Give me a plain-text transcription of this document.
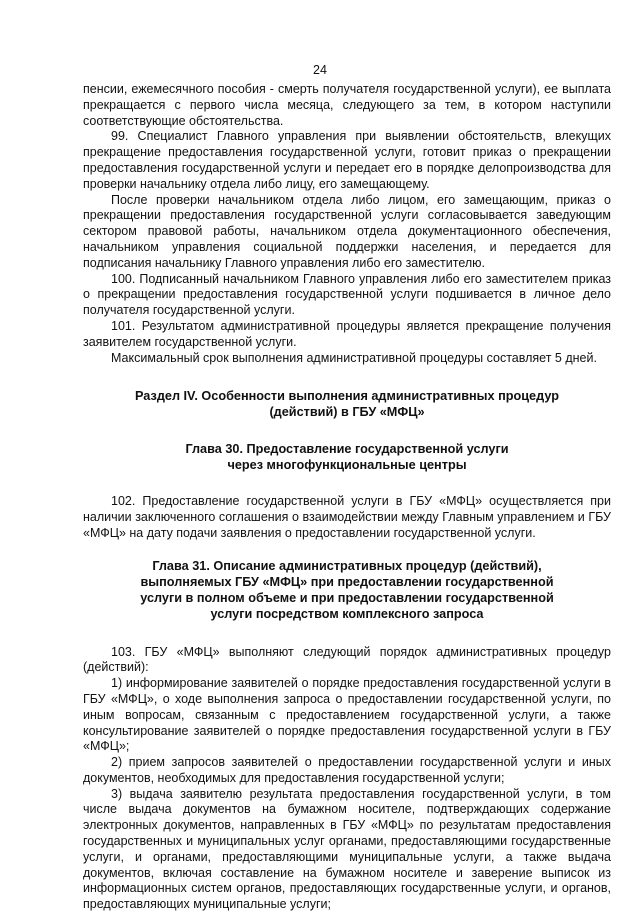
24

пенсии, ежемесячного пособия - смерть получателя государственной услуги), ее выплата прекращается с первого числа месяца, следующего за тем, в котором наступили соответствующие обстоятельства.

99. Специалист Главного управления при выявлении обстоятельств, влекущих прекращение предоставления государственной услуги, готовит приказ о прекращении предоставления государственной услуги и передает его в порядке делопроизводства для проверки начальнику отдела либо лицу, его замещающему.

После проверки начальником отдела либо лицом, его замещающим, приказ о прекращении предоставления государственной услуги согласовывается заведующим сектором правовой работы, начальником отдела документационного обеспечения, начальником управления социальной поддержки населения, и передается для подписания начальнику Главного управления либо его заместителю.

100. Подписанный начальником Главного управления либо его заместителем приказ о прекращении предоставления государственной услуги подшивается в личное дело получателя государственной услуги.

101. Результатом административной процедуры является прекращение получения заявителем государственной услуги.

Максимальный срок выполнения административной процедуры составляет 5 дней.

Раздел IV. Особенности выполнения административных процедур (действий) в ГБУ «МФЦ»
Глава 30. Предоставление государственной услуги через многофункциональные центры

102. Предоставление государственной услуги в ГБУ «МФЦ» осуществляется при наличии заключенного соглашения о взаимодействии между Главным управлением и ГБУ «МФЦ» на дату подачи заявления о предоставлении государственной услуги.

Глава 31. Описание административных процедур (действий), выполняемых ГБУ «МФЦ» при предоставлении государственной услуги в полном объеме и при предоставлении государственной услуги посредством комплексного запроса

103. ГБУ «МФЦ» выполняют следующий порядок административных процедур (действий):

1) информирование заявителей о порядке предоставления государственной услуги в ГБУ «МФЦ», о ходе выполнения запроса о предоставлении государственной услуги, по иным вопросам, связанным с предоставлением государственной услуги, а также консультирование заявителей о порядке предоставления государственной услуги в ГБУ «МФЦ»;

2) прием запросов заявителей о предоставлении государственной услуги и иных документов, необходимых для предоставления государственной услуги;

3) выдача заявителю результата предоставления государственной услуги, в том числе выдача документов на бумажном носителе, подтверждающих содержание электронных документов, направленных в ГБУ «МФЦ» по результатам предоставления государственных и муниципальных услуг органами, предоставляющими государственные услуги, и органами, предоставляющими муниципальные услуги, а также выдача документов, включая составление на бумажном носителе и заверение выписок из информационных систем органов, предоставляющих государственные услуги, и органов, предоставляющих муниципальные услуги;
